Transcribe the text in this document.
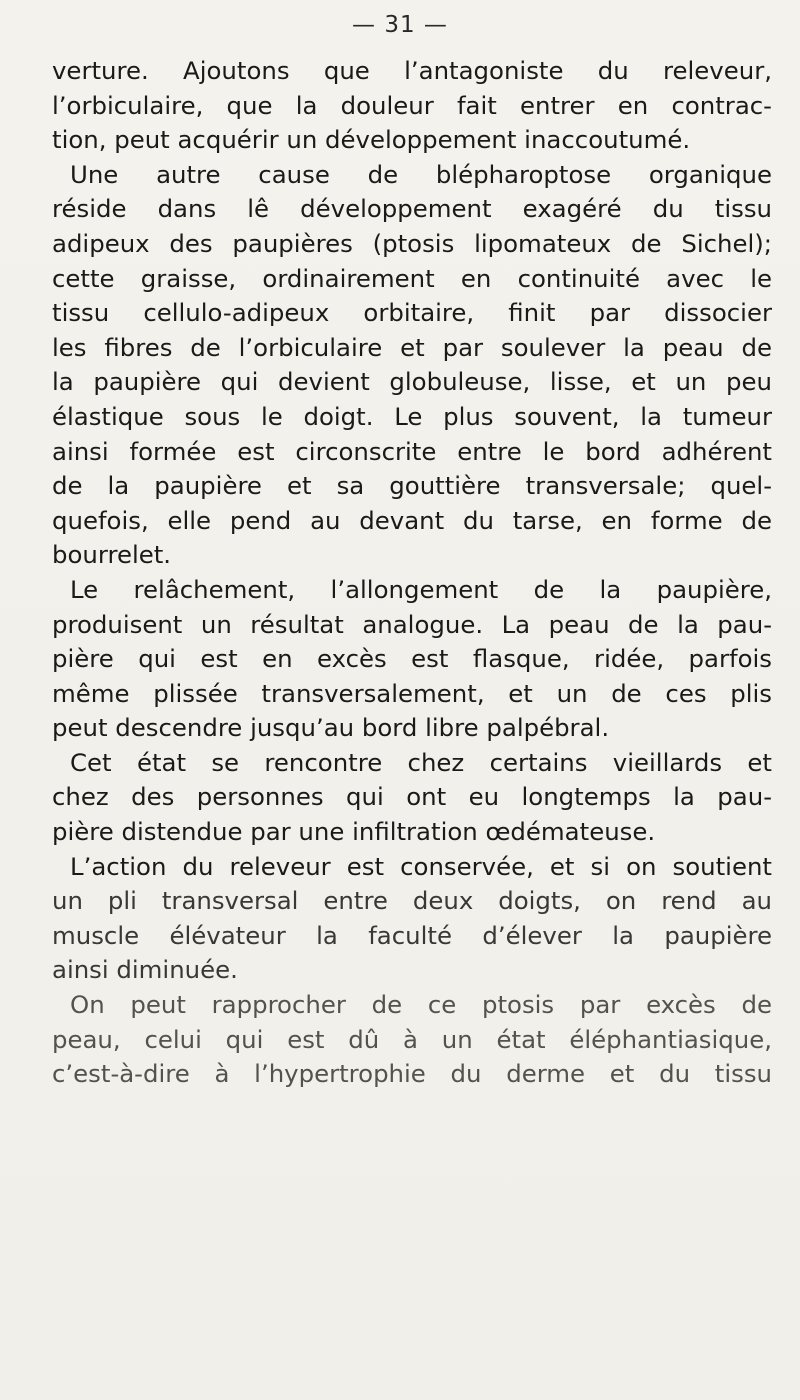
— 31 —
verture. Ajoutons que l’antagoniste du releveur,
l’orbiculaire, que la douleur fait entrer en contrac-
tion, peut acquérir un développement inaccoutumé.
Une autre cause de blépharoptose organique
réside dans lê développement exagéré du tissu
adipeux des paupières (ptosis lipomateux de Sichel);
cette graisse, ordinairement en continuité avec le
tissu cellulo-adipeux orbitaire, finit par dissocier
les fibres de l’orbiculaire et par soulever la peau de
la paupière qui devient globuleuse, lisse, et un peu
élastique sous le doigt. Le plus souvent, la tumeur
ainsi formée est circonscrite entre le bord adhérent
de la paupière et sa gouttière transversale; quel-
quefois, elle pend au devant du tarse, en forme de
bourrelet.
Le relâchement, l’allongement de la paupière,
produisent un résultat analogue. La peau de la pau-
pière qui est en excès est flasque, ridée, parfois
même plissée transversalement, et un de ces plis
peut descendre jusqu’au bord libre palpébral.
Cet état se rencontre chez certains vieillards et
chez des personnes qui ont eu longtemps la pau-
pière distendue par une infiltration œdémateuse.
L’action du releveur est conservée, et si on soutient
un pli transversal entre deux doigts, on rend au
muscle élévateur la faculté d’élever la paupière
ainsi diminuée.
On peut rapprocher de ce ptosis par excès de
peau, celui qui est dû à un état éléphantiasique,
c’est-à-dire à l’hypertrophie du derme et du tissu
